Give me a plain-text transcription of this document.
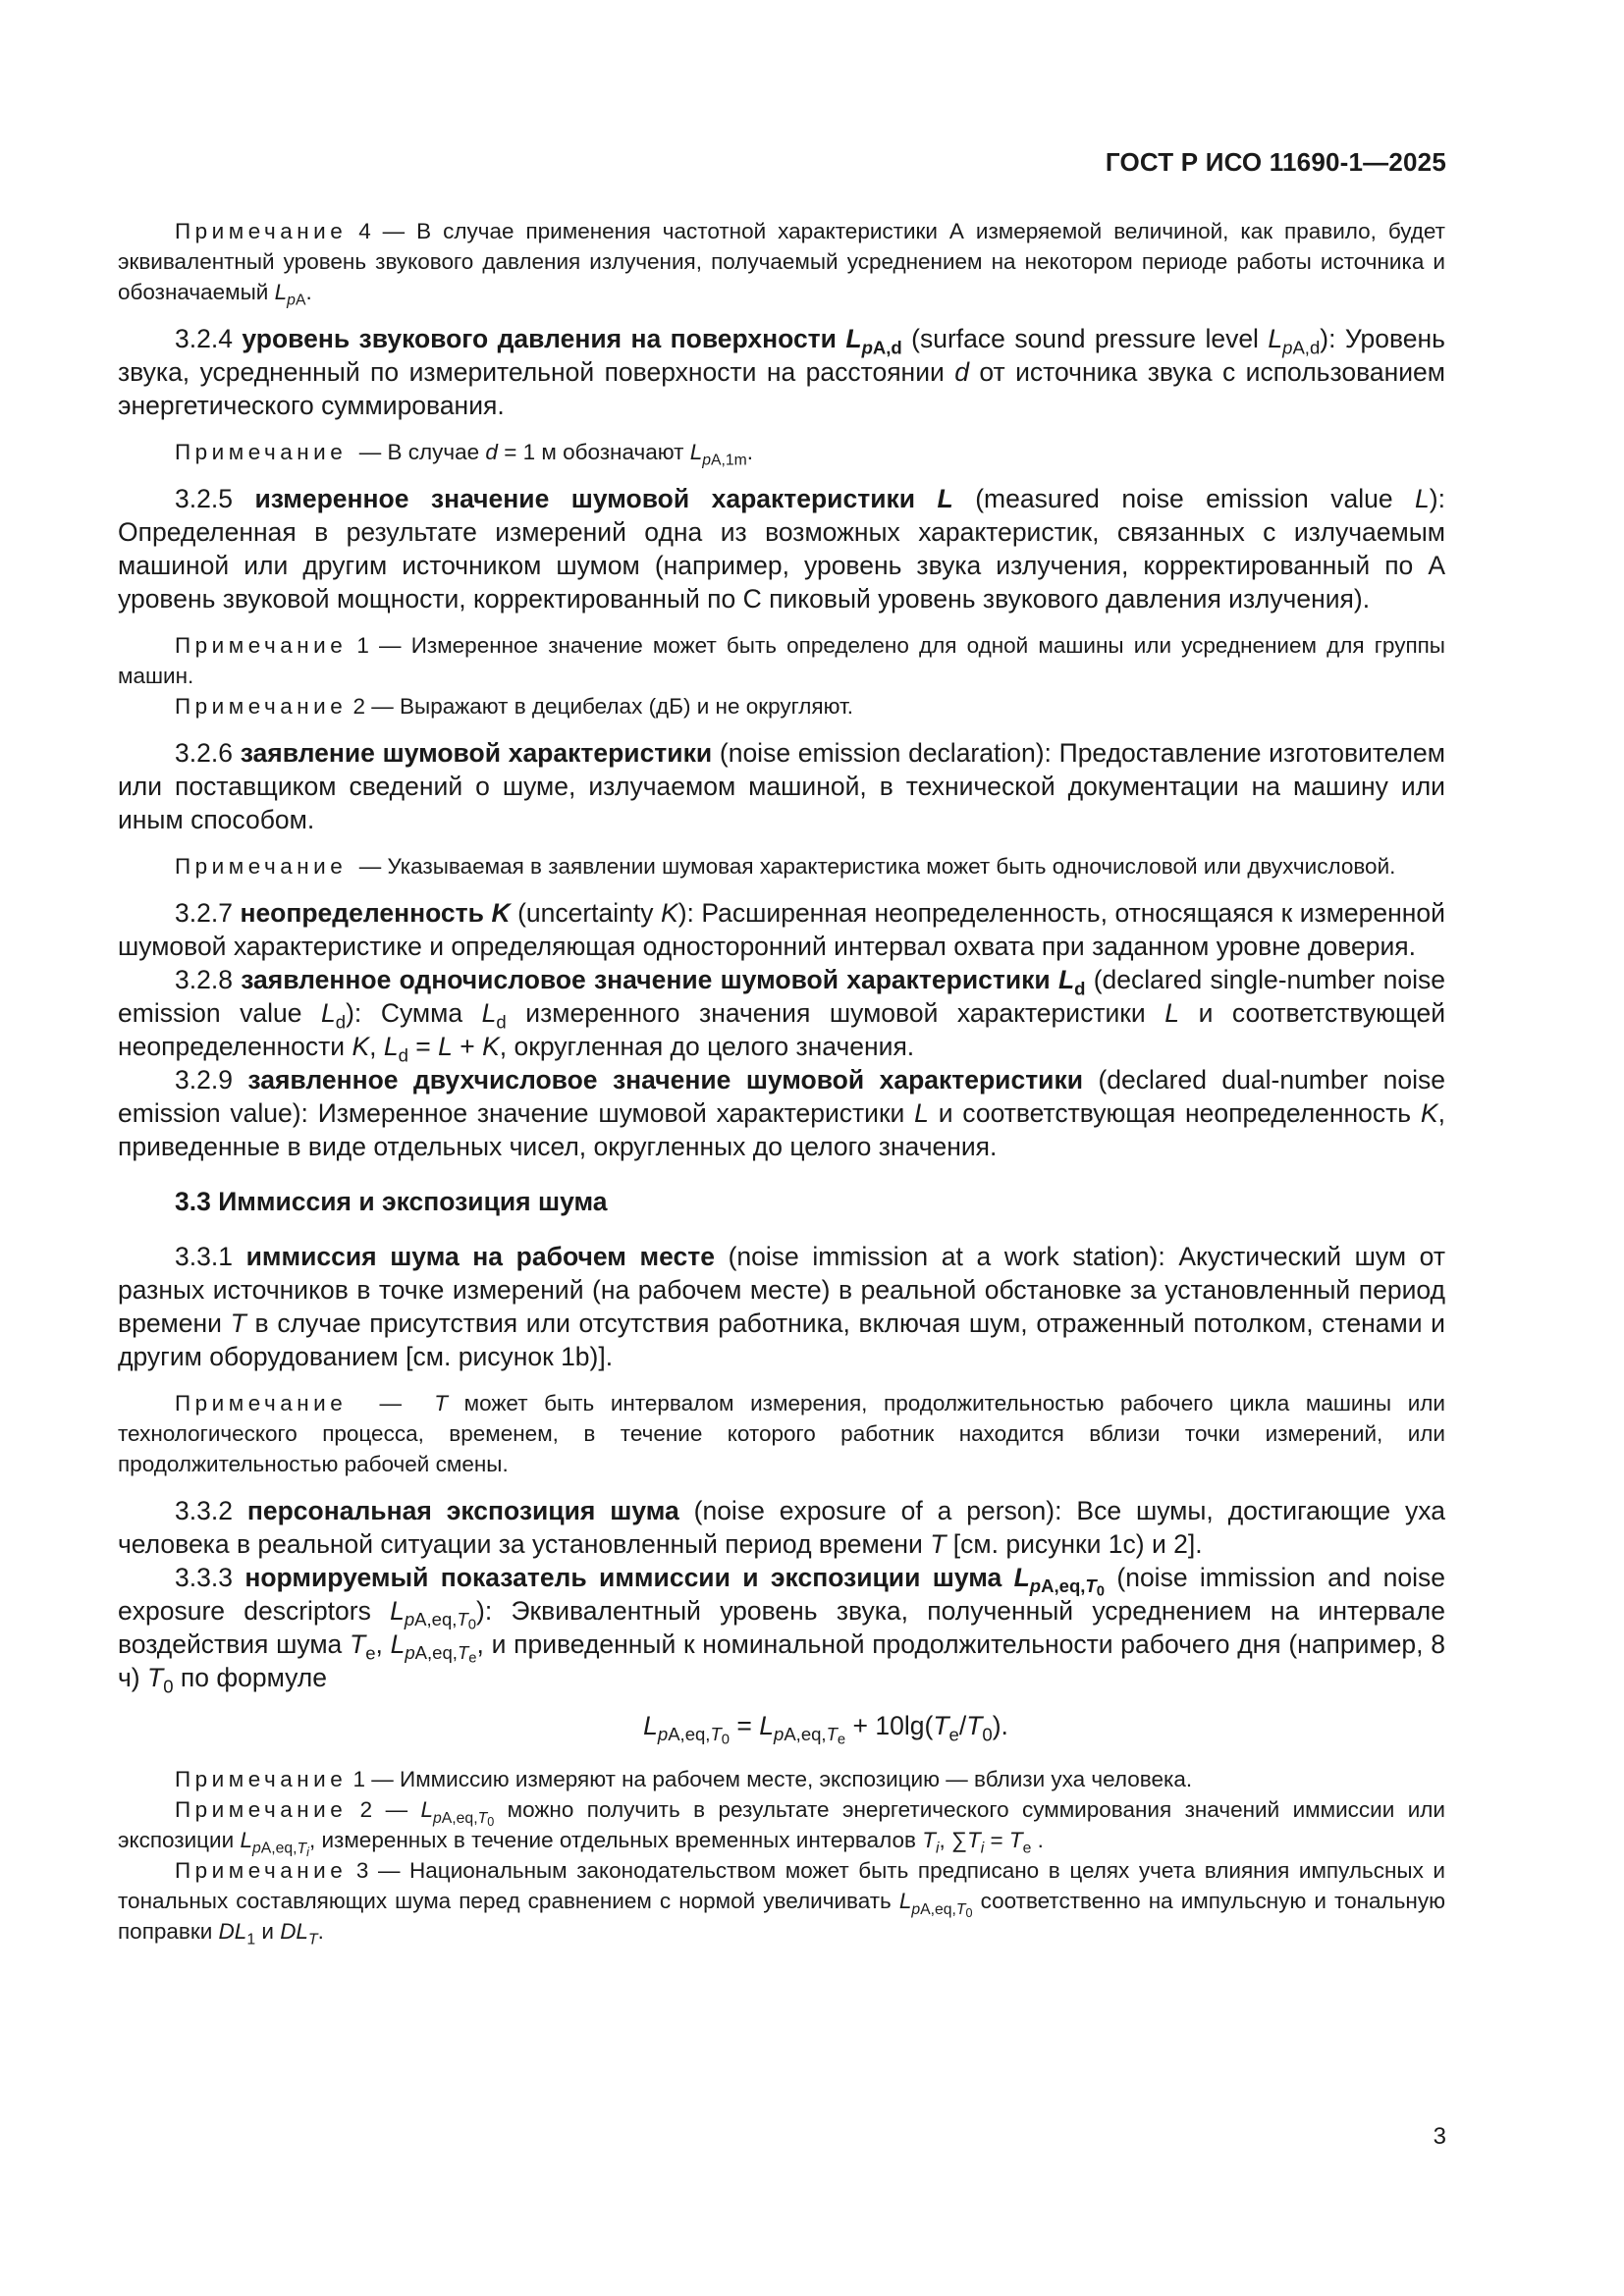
ГОСТ Р ИСО 11690-1—2025

Примечание 4 — В случае применения частотной характеристики А измеряемой величиной, как правило, будет эквивалентный уровень звукового давления излучения, получаемый усреднением на некотором периоде работы источника и обозначаемый $L_{pA}$.

3.2.4 уровень звукового давления на поверхности $L_{pA,d}$ (surface sound pressure level $L_{pA,d}$): Уровень звука, усредненный по измерительной поверхности на расстоянии d от источника звука с использованием энергетического суммирования.

Примечание — В случае d = 1 м обозначают $L_{pA,1m}$.

3.2.5 измеренное значение шумовой характеристики L (measured noise emission value L): Определенная в результате измерений одна из возможных характеристик, связанных с излучаемым машиной или другим источником шумом (например, уровень звука излучения, корректированный по А уровень звуковой мощности, корректированный по С пиковый уровень звукового давления излучения).

Примечание 1 — Измеренное значение может быть определено для одной машины или усреднением для группы машин.

Примечание 2 — Выражают в децибелах (дБ) и не округляют.

3.2.6 заявление шумовой характеристики (noise emission declaration): Предоставление изготовителем или поставщиком сведений о шуме, излучаемом машиной, в технической документации на машину или иным способом.

Примечание — Указываемая в заявлении шумовая характеристика может быть одночисловой или двухчисловой.

3.2.7 неопределенность K (uncertainty K): Расширенная неопределенность, относящаяся к измеренной шумовой характеристике и определяющая односторонний интервал охвата при заданном уровне доверия.

3.2.8 заявленное одночисловое значение шумовой характеристики $L_d$ (declared single-number noise emission value $L_d$): Сумма $L_d$ измеренного значения шумовой характеристики L и соответствующей неопределенности K, $L_d = L + K$, округленная до целого значения.

3.2.9 заявленное двухчисловое значение шумовой характеристики (declared dual-number noise emission value): Измеренное значение шумовой характеристики L и соответствующая неопределенность K, приведенные в виде отдельных чисел, округленных до целого значения.

3.3 Иммиссия и экспозиция шума

3.3.1 иммиссия шума на рабочем месте (noise immission at a work station): Акустический шум от разных источников в точке измерений (на рабочем месте) в реальной обстановке за установленный период времени T в случае присутствия или отсутствия работника, включая шум, отраженный потолком, стенами и другим оборудованием [см. рисунок 1b)].

Примечание  —  T может быть интервалом измерения, продолжительностью рабочего цикла машины или технологического процесса, временем, в течение которого работник находится вблизи точки измерений, или продолжительностью рабочей смены.

3.3.2 персональная экспозиция шума (noise exposure of a person): Все шумы, достигающие уха человека в реальной ситуации за установленный период времени T [см. рисунки 1c) и 2].

3.3.3 нормируемый показатель иммиссии и экспозиции шума $L_{pA,eq,T_0}$ (noise immission and noise exposure descriptors $L_{pA,eq,T_0}$): Эквивалентный уровень звука, полученный усреднением на интервале воздействия шума $T_e$, $L_{pA,eq,T_e}$, и приведенный к номинальной продолжительности рабочего дня (например, 8 ч) $T_0$ по формуле

$L_{pA,eq,T_0} = L_{pA,eq,T_e} + 10\lg(T_e/T_0)$.

Примечание 1 — Иммиссию измеряют на рабочем месте, экспозицию — вблизи уха человека.

Примечание 2 — $L_{pA,eq,T_0}$ можно получить в результате энергетического суммирования значений иммиссии или экспозиции $L_{pA,eq,T_i}$, измеренных в течение отдельных временных интервалов $T_i$, $\sum T_i = T_e$ .

Примечание 3 — Национальным законодательством может быть предписано в целях учета влияния импульсных и тональных составляющих шума перед сравнением с нормой увеличивать $L_{pA,eq,T_0}$ соответственно на импульсную и тональную поправки $DL_1$ и $DL_T$.

3
